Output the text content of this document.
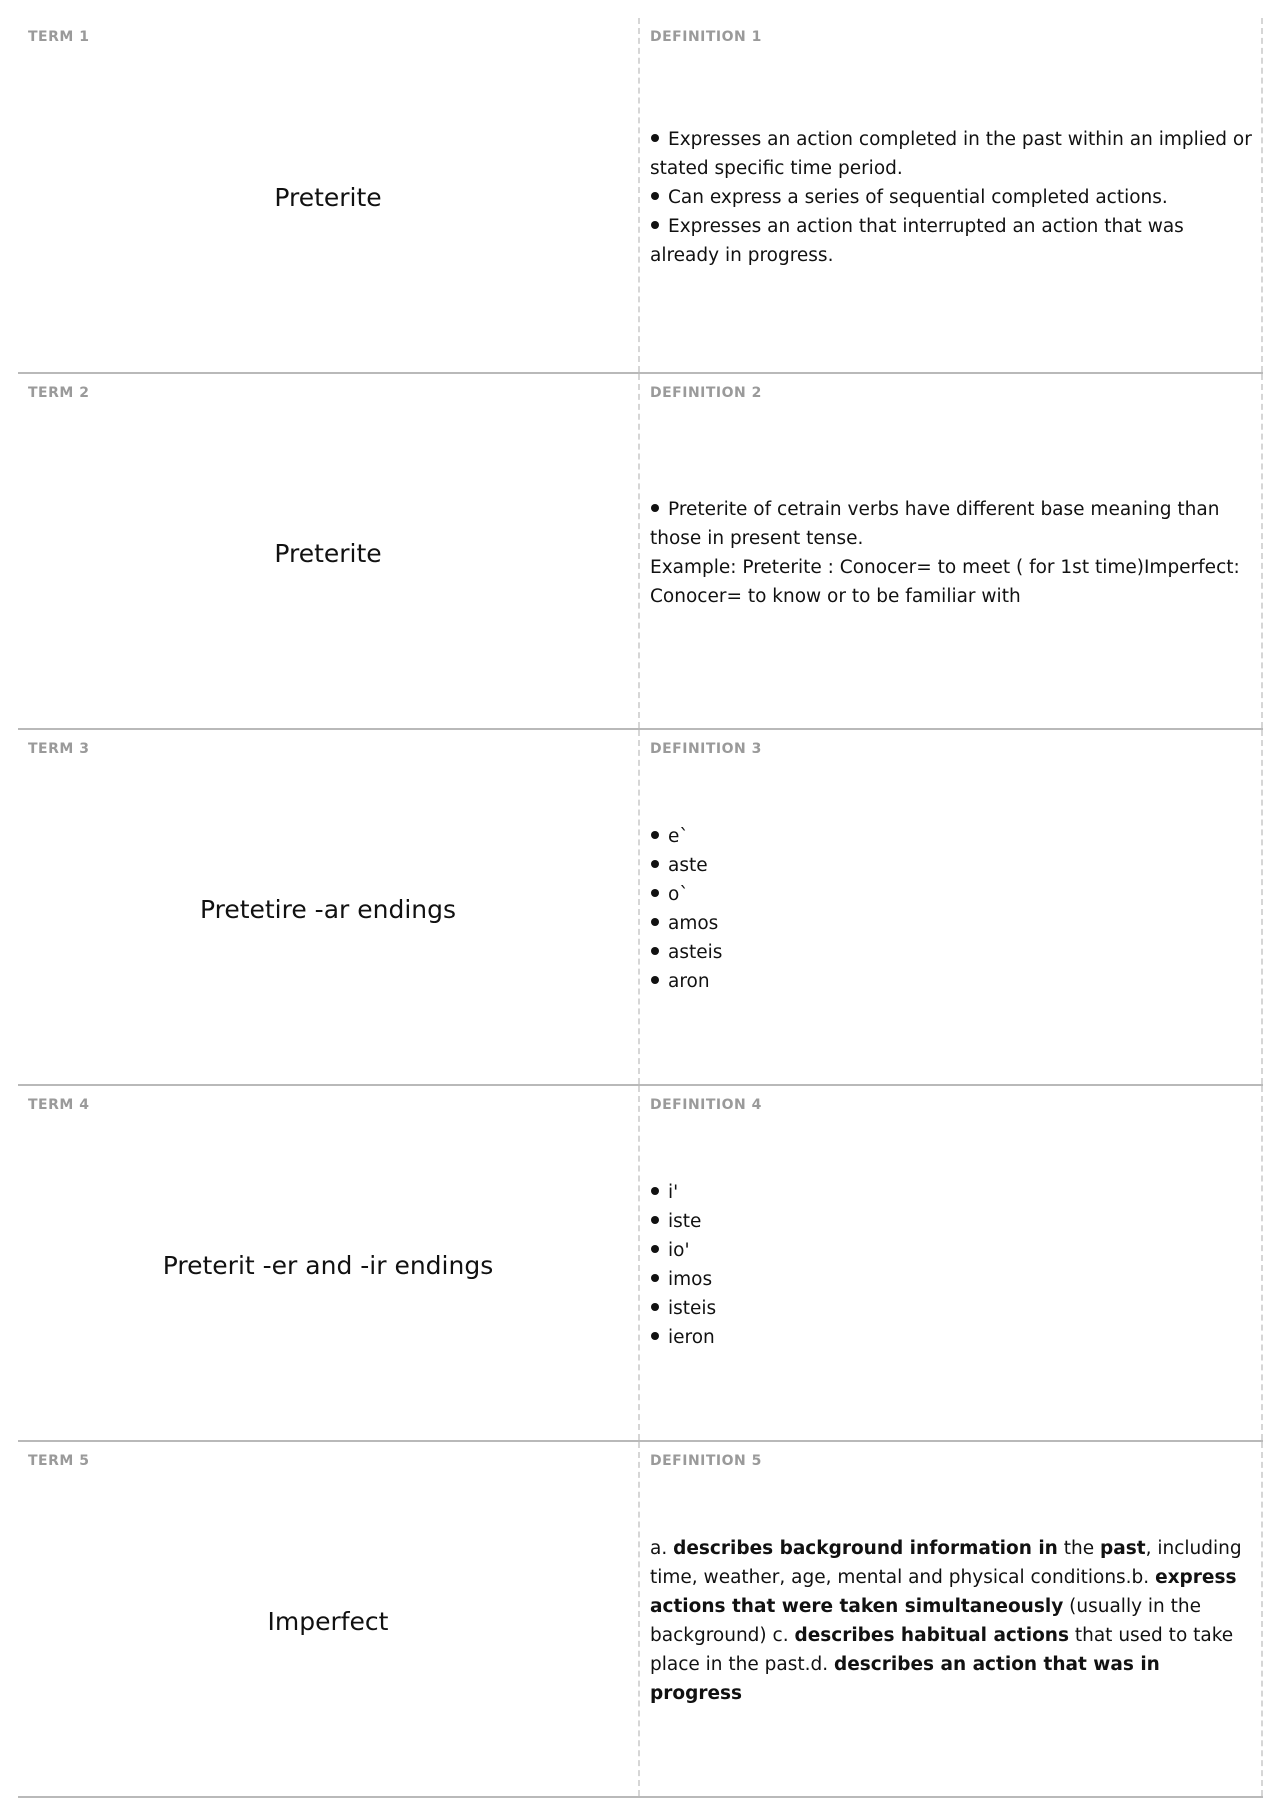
TERM 1
Preterite
DEFINITION 1
Expresses an action completed in the past within an implied or stated specific time period.
Can express a series of sequential completed actions.
Expresses an action that interrupted an action that was already in progress.
TERM 2
Preterite
DEFINITION 2
Preterite of cetrain verbs have different base meaning than those in present tense.

Example: Preterite : Conocer= to meet ( for 1st time)Imperfect: Conocer= to know or to be familiar with

TERM 3
Pretetire -ar endings
DEFINITION 3
e`
aste
o`
amos
asteis
aron
TERM 4
Preterit -er and -ir endings
DEFINITION 4
i'
iste
io'
imos
isteis
ieron
TERM 5
Imperfect
DEFINITION 5

a. describes background information in the past, including time, weather, age, mental and physical conditions.b. express actions that were taken simultaneously (usually in the background) c. describes habitual actions that used to take place in the past.d. describes an action that was in progress
